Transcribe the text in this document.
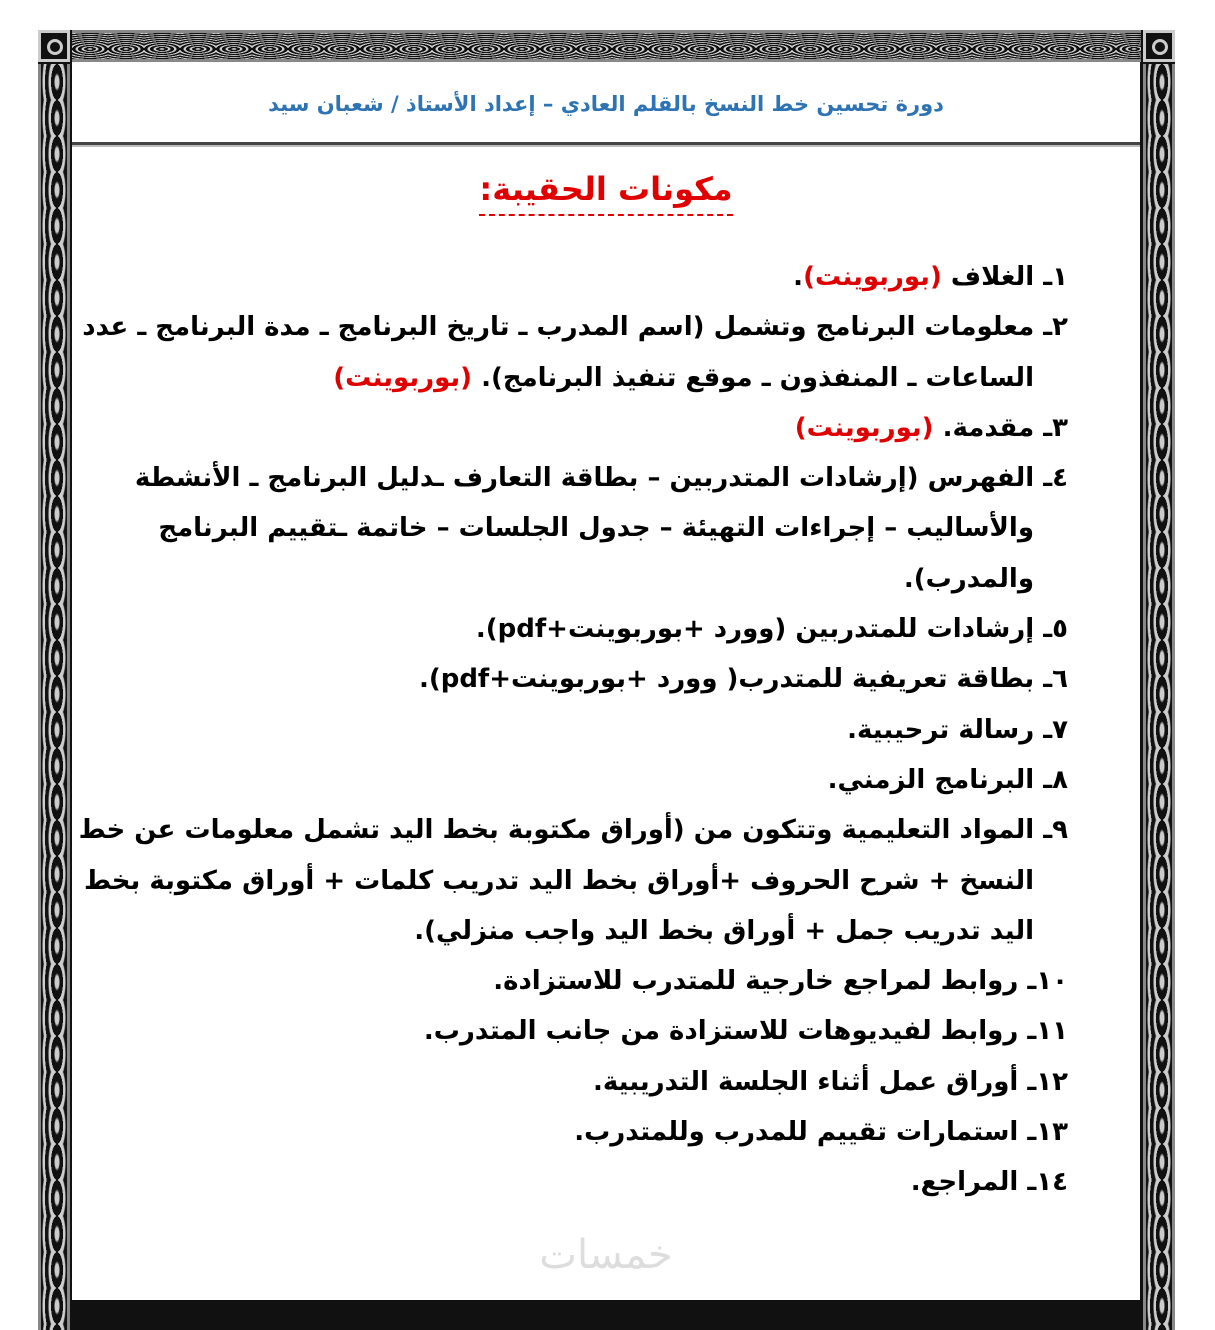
دورة تحسين خط النسخ بالقلم العادي – إعداد الأستاذ / شعبان سيد
مكونات الحقيبة:
١ـ الغلاف (بوربوينت).
٢ـ معلومات البرنامج وتشمل (اسم المدرب ـ تاريخ البرنامج ـ مدة البرنامج ـ عدد
الساعات ـ المنفذون ـ موقع تنفيذ البرنامج). (بوربوينت)
٣ـ مقدمة. (بوربوينت)
٤ـ الفهرس (إرشادات المتدربين – بطاقة التعارف ـدليل البرنامج ـ الأنشطة
والأساليب – إجراءات التهيئة – جدول الجلسات – خاتمة ـتقييم البرنامج
والمدرب).
٥ـ إرشادات للمتدربين (وورد +بوربوينت+pdf).
٦ـ بطاقة تعريفية للمتدرب( وورد +بوربوينت+pdf).
٧ـ رسالة ترحيبية.
٨ـ البرنامج الزمني.
٩ـ المواد التعليمية وتتكون من (أوراق مكتوبة بخط اليد تشمل معلومات عن خط
النسخ + شرح الحروف +أوراق بخط اليد تدريب كلمات + أوراق مكتوبة بخط
اليد تدريب جمل + أوراق بخط اليد واجب منزلي).
١٠ـ روابط لمراجع خارجية للمتدرب للاستزادة.
١١ـ روابط لفيديوهات للاستزادة من جانب المتدرب.
١٢ـ أوراق عمل أثناء الجلسة التدريبية.
١٣ـ استمارات تقييم للمدرب وللمتدرب.
١٤ـ المراجع.
خمسات
